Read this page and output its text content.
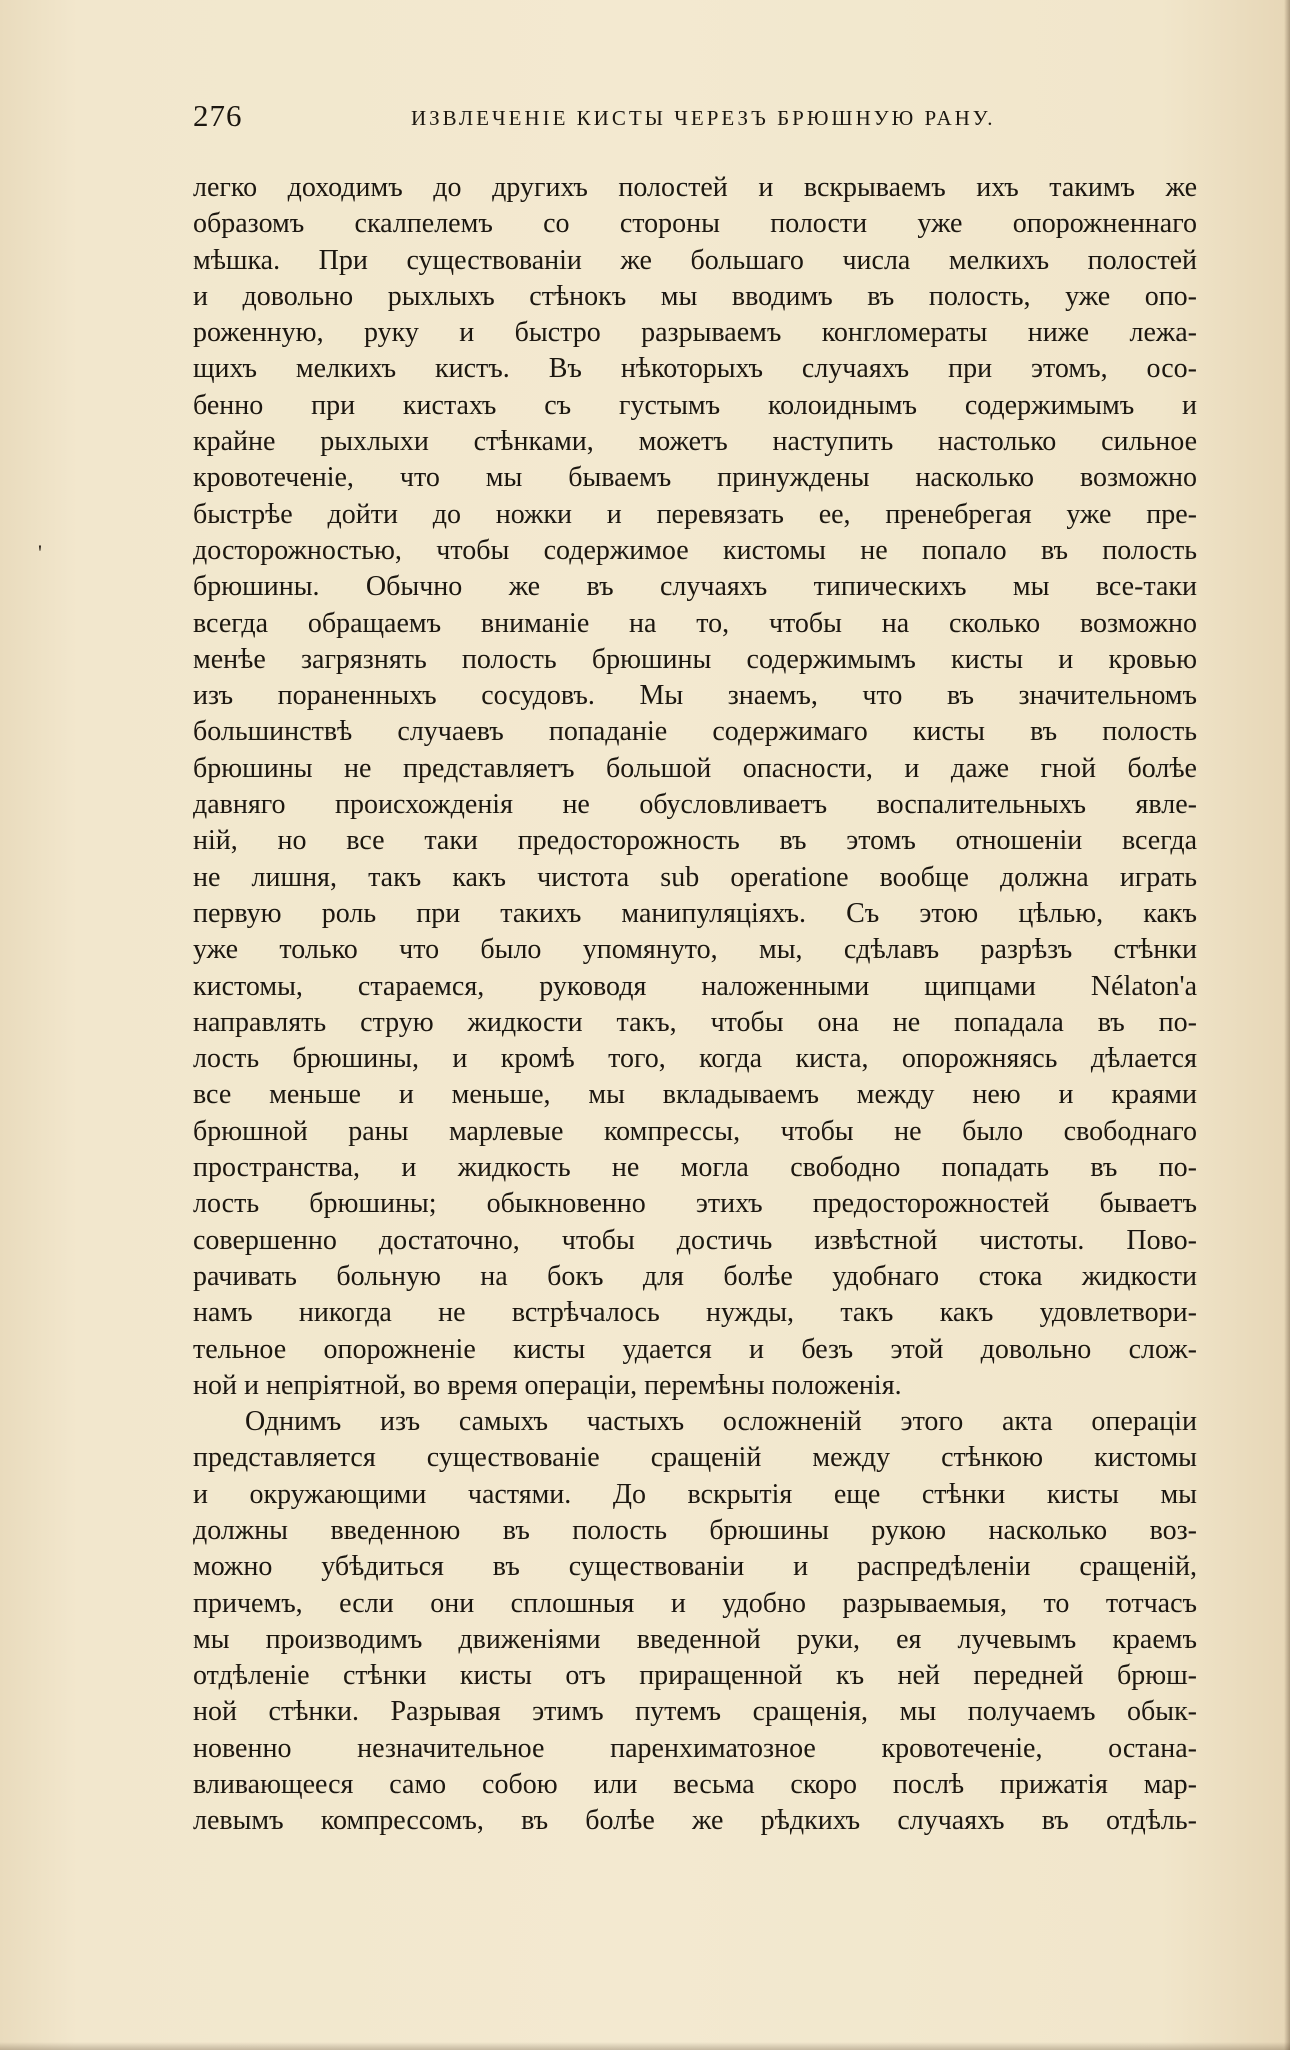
276	ИЗВЛЕЧЕНІЕ КИСТЫ ЧЕРЕЗЪ БРЮШНУЮ РАНУ.
'
легко доходимъ до другихъ полостей и вскрываемъ ихъ такимъ же
образомъ скалпелемъ со стороны полости уже опорожненнаго
мѣшка. При существованіи же большаго числа мелкихъ полостей
и довольно рыхлыхъ стѣнокъ мы вводимъ въ полость, уже опо-
роженную, руку и быстро разрываемъ конгломераты ниже лежа-
щихъ мелкихъ кистъ. Въ нѣкоторыхъ случаяхъ при этомъ, осо-
бенно при кистахъ съ густымъ колоиднымъ содержимымъ и
крайне рыхлыхи стѣнками, можетъ наступить настолько сильное
кровотеченіе, что мы бываемъ принуждены насколько возможно
быстрѣе дойти до ножки и перевязать ее, пренебрегая уже пре-
досторожностью, чтобы содержимое кистомы не попало въ полость
брюшины. Обычно же въ случаяхъ типическихъ мы все-таки
всегда обращаемъ вниманіе на то, чтобы на сколько возможно
менѣе загрязнять полость брюшины содержимымъ кисты и кровью
изъ пораненныхъ сосудовъ. Мы знаемъ, что въ значительномъ
большинствѣ случаевъ попаданіе содержимаго кисты въ полость
брюшины не представляетъ большой опасности, и даже гной болѣе
давняго происхожденія не обусловливаетъ воспалительныхъ явле-
ній, но все таки предосторожность въ этомъ отношеніи всегда
не лишня, такъ какъ чистота sub operatione вообще должна играть
первую роль при такихъ манипуляціяхъ. Съ этою цѣлью, какъ
уже только что было упомянуто, мы, сдѣлавъ разрѣзъ стѣнки
кистомы, стараемся, руководя наложенными щипцами Nélaton'a
направлять струю жидкости такъ, чтобы она не попадала въ по-
лость брюшины, и кромѣ того, когда киста, опорожняясь дѣлается
все меньше и меньше, мы вкладываемъ между нею и краями
брюшной раны марлевые компрессы, чтобы не было свободнаго
пространства, и жидкость не могла свободно попадать въ по-
лость брюшины; обыкновенно этихъ предосторожностей бываетъ
совершенно достаточно, чтобы достичь извѣстной чистоты. Пово-
рачивать больную на бокъ для болѣе удобнаго стока жидкости
намъ никогда не встрѣчалось нужды, такъ какъ удовлетвори-
тельное опорожненіе кисты удается и безъ этой довольно слож-
ной и непріятной, во время операціи, перемѣны положенія.
Однимъ изъ самыхъ частыхъ осложненій этого акта операціи
представляется существованіе сращеній между стѣнкою кистомы
и окружающими частями. До вскрытія еще стѣнки кисты мы
должны введенною въ полость брюшины рукою насколько воз-
можно убѣдиться въ существованіи и распредѣленіи сращеній,
причемъ, если они сплошныя и удобно разрываемыя, то тотчасъ
мы производимъ движеніями введенной руки, ея лучевымъ краемъ
отдѣленіе стѣнки кисты отъ приращенной къ ней передней брюш-
ной стѣнки. Разрывая этимъ путемъ сращенія, мы получаемъ обык-
новенно незначительное паренхиматозное кровотеченіе, остана-
вливающееся само собою или весьма скоро послѣ прижатія мар-
левымъ компрессомъ, въ болѣе же рѣдкихъ случаяхъ въ отдѣль-
